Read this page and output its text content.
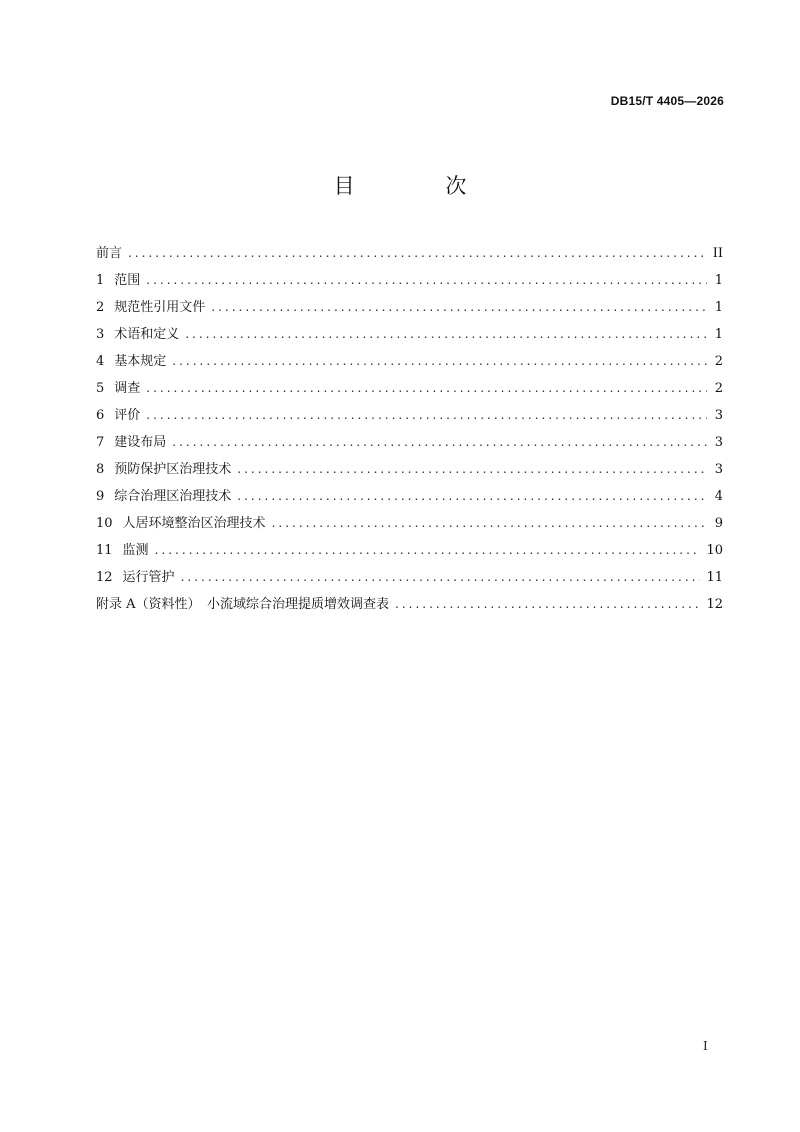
DB15/T 4405—2026
目 次
前言 .....	II
1 范围 .....	1
2 规范性引用文件 .....	1
3 术语和定义 .....	1
4 基本规定 .....	2
5 调查 .....	2
6 评价 .....	3
7 建设布局 .....	3
8 预防保护区治理技术 .....	3
9 综合治理区治理技术 .....	4
10 人居环境整治区治理技术 .....	9
11 监测 .....	10
12 运行管护 .....	11
附录 A（资料性）　小流域综合治理提质增效调查表 .....	12
I
